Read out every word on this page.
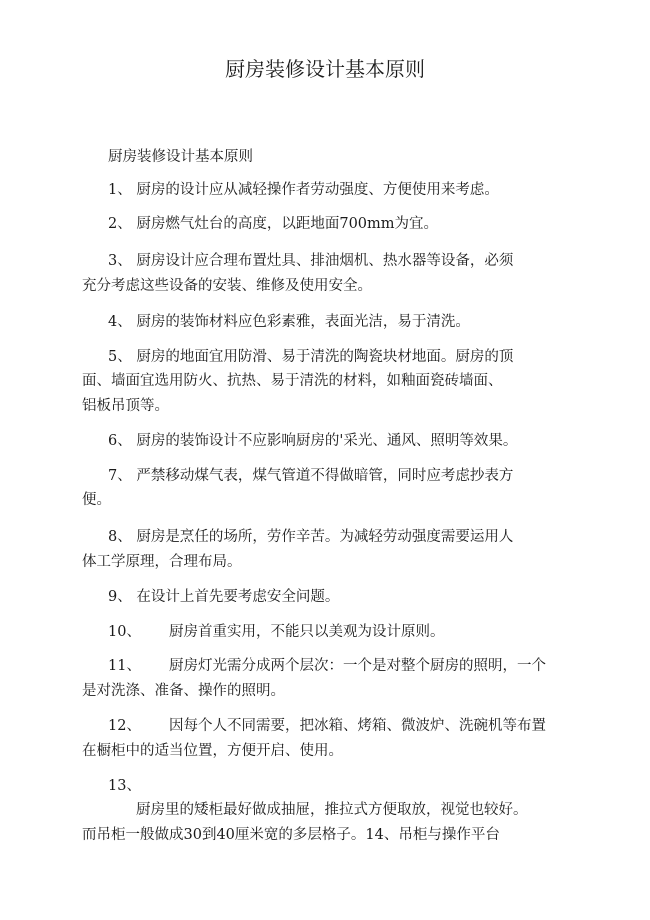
厨房装修设计基本原则
厨房装修设计基本原则
1、 厨房的设计应从减轻操作者劳动强度、方便使用来考虑。
2、 厨房燃气灶台的高度，以距地面700mm为宜。
3、 厨房设计应合理布置灶具、排油烟机、热水器等设备，必须
充分考虑这些设备的安装、维修及使用安全。
4、 厨房的装饰材料应色彩素雅，表面光洁，易于清洗。
5、 厨房的地面宜用防滑、易于清洗的陶瓷块材地面。厨房的顶
面、墙面宜选用防火、抗热、易于清洗的材料，如釉面瓷砖墙面、
铝板吊顶等。
6、 厨房的装饰设计不应影响厨房的'采光、通风、照明等效果。
7、 严禁移动煤气表，煤气管道不得做暗管，同时应考虑抄表方
便。
8、 厨房是烹任的场所，劳作辛苦。为减轻劳动强度需要运用人
体工学原理，合理布局。
9、 在设计上首先要考虑安全问题。
10、 厨房首重实用，不能只以美观为设计原则。
11、 厨房灯光需分成两个层次：一个是对整个厨房的照明，一个
是对洗涤、准备、操作的照明。
12、 因每个人不同需要，把冰箱、烤箱、微波炉、洗碗机等布置
在橱柜中的适当位置，方便开启、使用。
13、
厨房里的矮柜最好做成抽屉，推拉式方便取放，视觉也较好。
而吊柜一般做成30到40厘米宽的多层格子。14、吊柜与操作平台
